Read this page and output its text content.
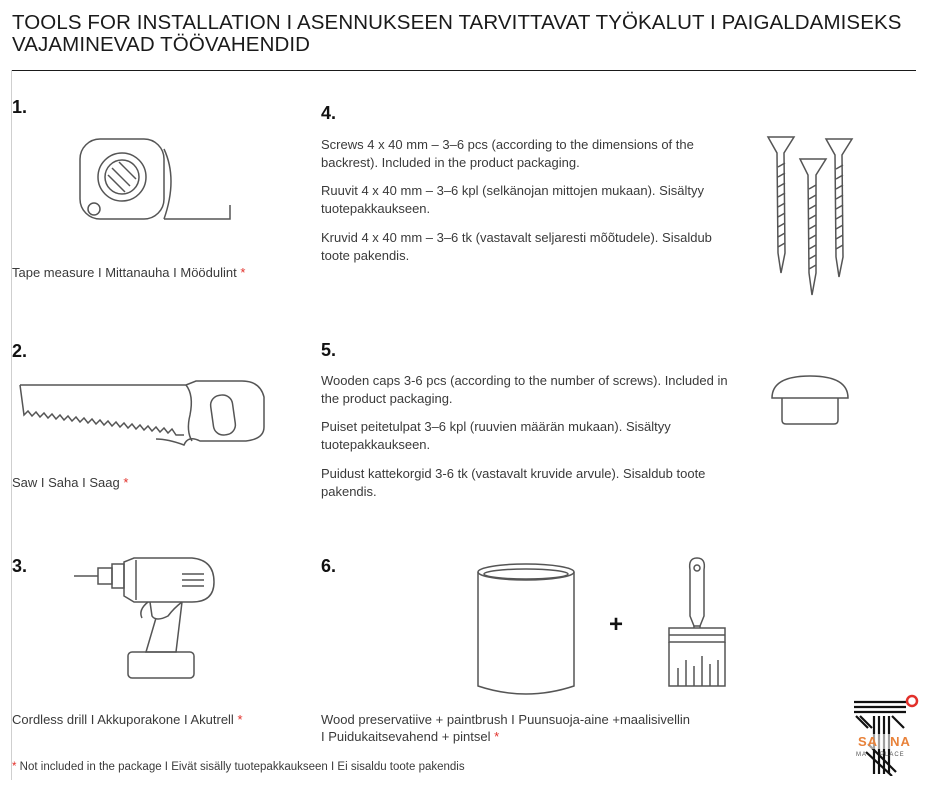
TOOLS FOR INSTALLATION I ASENNUKSEEN TARVITTAVAT TYÖKALUT I PAIGALDAMISEKS VAJAMINEVAD TÖÖVAHENDID
1.
Tape measure I Mittanauha I Möödulint *
2.
Saw I Saha I Saag *
3.
Cordless drill I Akkuporakone I Akutrell *
4.
Screws 4 x 40 mm – 3–6 pcs (according to the dimensions of the backrest). Included in the product packaging.
Ruuvit 4 x 40 mm – 3–6 kpl (selkänojan mittojen mukaan). Sisältyy tuotepakkaukseen.
Kruvid 4 x 40 mm – 3–6 tk (vastavalt seljaresti mõõtudele). Sisaldub toote pakendis.
5.
Wooden caps 3-6 pcs (according to the number of screws). Included in the product packaging.
Puiset peitetulpat 3–6 kpl (ruuvien määrän mukaan). Sisältyy tuotepakkaukseen.
Puidust kattekorgid 3-6 tk (vastavalt kruvide arvule). Sisaldub toote pakendis.
6.
+
Wood preservatiive + paintbrush I Puunsuoja-aine +maalisivellin
I Puidukaitsevahend + pintsel *
* Not included in the package I Eivät sisälly tuotepakkaukseen I Ei sisaldu toote pakendis
SA NA
MA     PLACE
